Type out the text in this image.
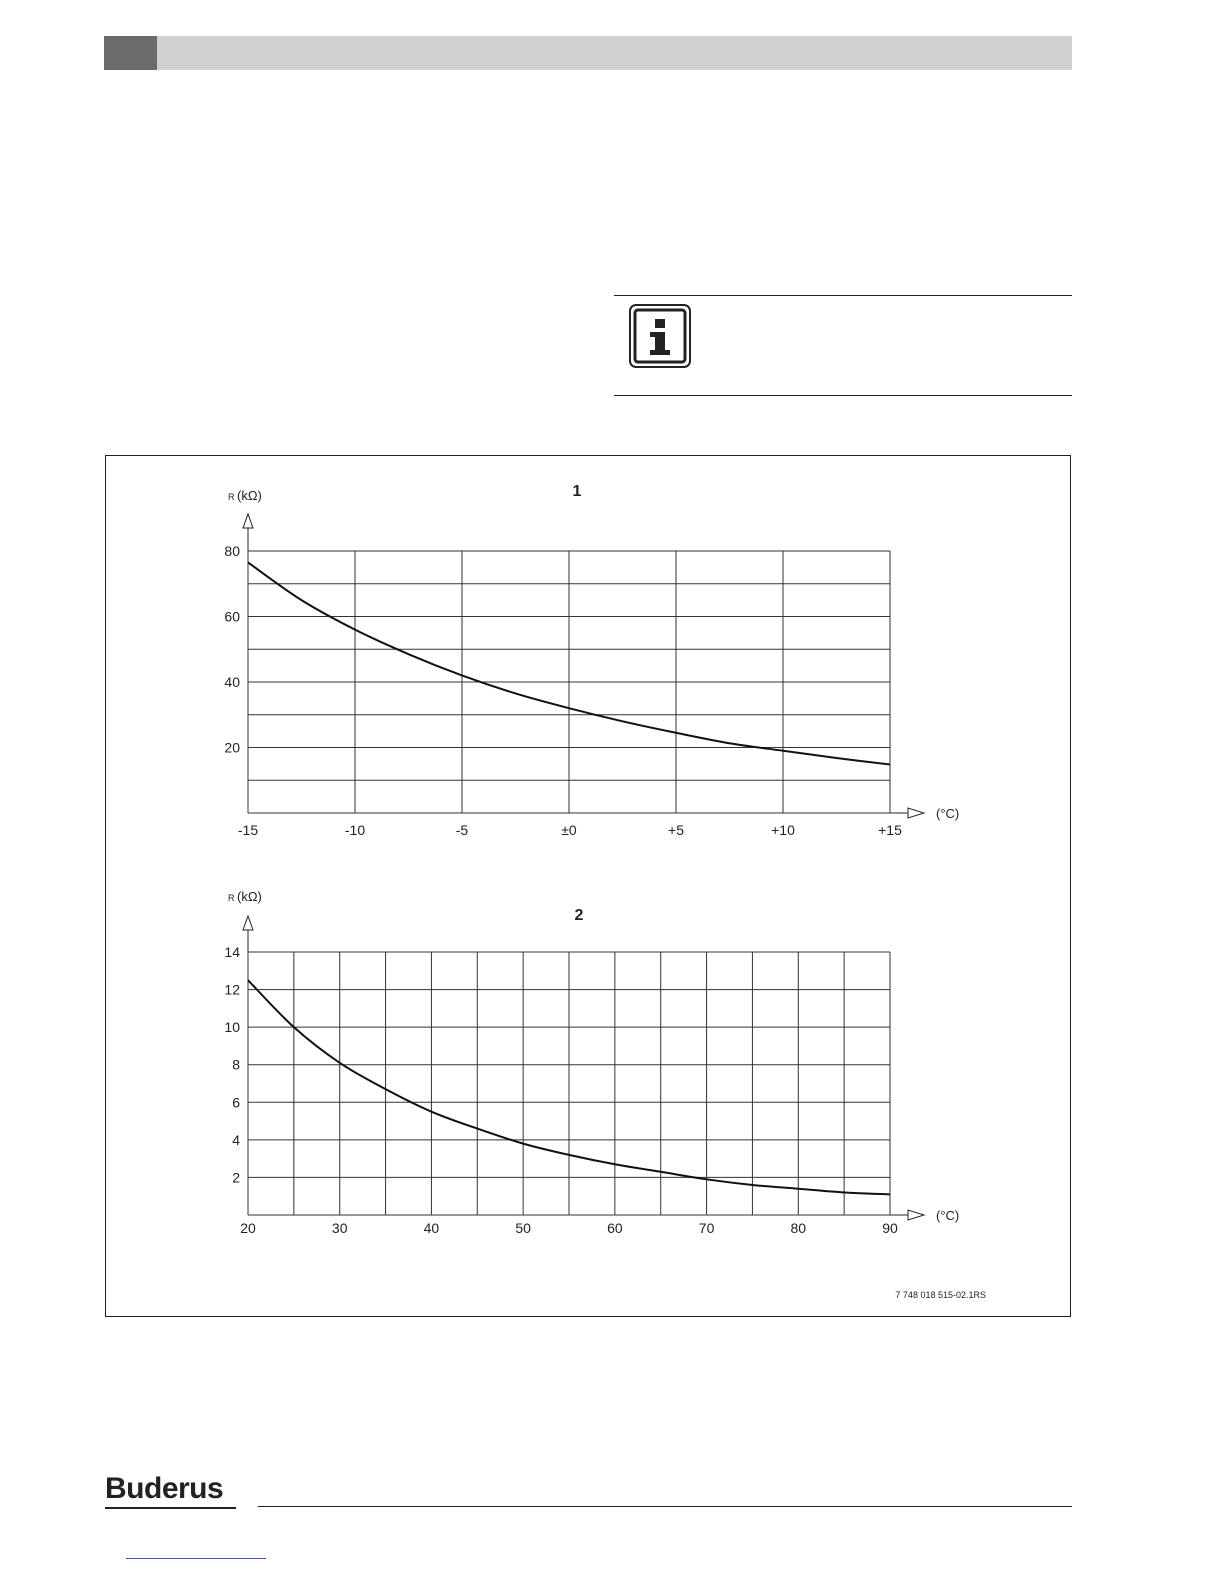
(°C)
R (kΩ)	1
-15	-10	-5	±0	+5	+10	+15
20
40
60
80
(°C)
R (kΩ)
2
20	30	40	50	60	70	80	90
2
4
6
8
10
12
14
7 748 018 515-02.1RS
Buderus
